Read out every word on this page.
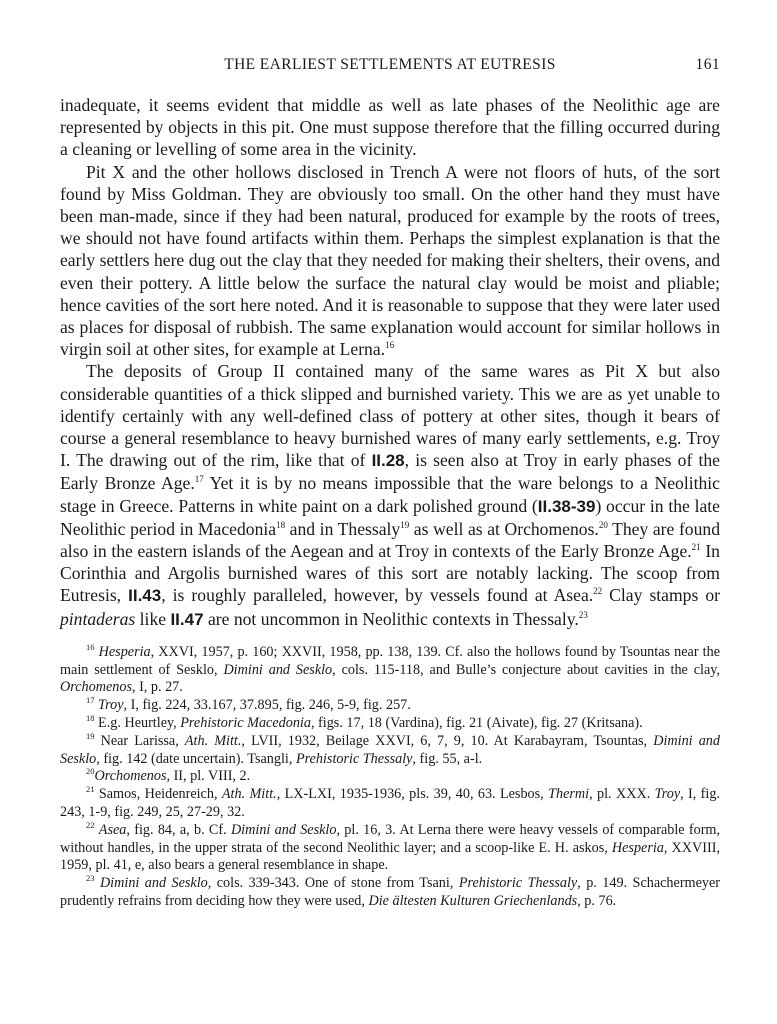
THE EARLIEST SETTLEMENTS AT EUTRESIS	161

inadequate, it seems evident that middle as well as late phases of the Neolithic age are represented by objects in this pit. One must suppose therefore that the filling occurred during a cleaning or levelling of some area in the vicinity.

Pit X and the other hollows disclosed in Trench A were not floors of huts, of the sort found by Miss Goldman. They are obviously too small. On the other hand they must have been man-made, since if they had been natural, produced for example by the roots of trees, we should not have found artifacts within them. Perhaps the simplest explanation is that the early settlers here dug out the clay that they needed for making their shelters, their ovens, and even their pottery. A little below the surface the natural clay would be moist and pliable; hence cavities of the sort here noted. And it is reasonable to suppose that they were later used as places for disposal of rubbish. The same explanation would account for similar hollows in virgin soil at other sites, for example at Lerna.$^{16}$

The deposits of Group II contained many of the same wares as Pit X but also considerable quantities of a thick slipped and burnished variety. This we are as yet unable to identify certainly with any well-defined class of pottery at other sites, though it bears of course a general resemblance to heavy burnished wares of many early settlements, e.g. Troy I. The drawing out of the rim, like that of II.28, is seen also at Troy in early phases of the Early Bronze Age.$^{17}$ Yet it is by no means impossible that the ware belongs to a Neolithic stage in Greece. Patterns in white paint on a dark polished ground (II.38-39) occur in the late Neolithic period in Macedonia$^{18}$ and in Thessaly$^{19}$ as well as at Orchomenos.$^{20}$ They are found also in the eastern islands of the Aegean and at Troy in contexts of the Early Bronze Age.$^{21}$ In Corinthia and Argolis burnished wares of this sort are notably lacking. The scoop from Eutresis, II.43, is roughly paralleled, however, by vessels found at Asea.$^{22}$ Clay stamps or pintaderas like II.47 are not uncommon in Neolithic contexts in Thessaly.$^{23}$

$^{16}$ Hesperia, XXVI, 1957, p. 160; XXVII, 1958, pp. 138, 139. Cf. also the hollows found by Tsountas near the main settlement of Sesklo, Dimini and Sesklo, cols. 115-118, and Bulle’s conjecture about cavities in the clay, Orchomenos, I, p. 27.

$^{17}$ Troy, I, fig. 224, 33.167, 37.895, fig. 246, 5-9, fig. 257.

$^{18}$ E.g. Heurtley, Prehistoric Macedonia, figs. 17, 18 (Vardina), fig. 21 (Aivate), fig. 27 (Kritsana).

$^{19}$ Near Larissa, Ath. Mitt., LVII, 1932, Beilage XXVI, 6, 7, 9, 10. At Karabayram, Tsountas, Dimini and Sesklo, fig. 142 (date uncertain). Tsangli, Prehistoric Thessaly, fig. 55, a-l.

$^{20}$Orchomenos, II, pl. VIII, 2.

$^{21}$ Samos, Heidenreich, Ath. Mitt., LX-LXI, 1935-1936, pls. 39, 40, 63. Lesbos, Thermi, pl. XXX. Troy, I, fig. 243, 1-9, fig. 249, 25, 27-29, 32.

$^{22}$ Asea, fig. 84, a, b. Cf. Dimini and Sesklo, pl. 16, 3. At Lerna there were heavy vessels of comparable form, without handles, in the upper strata of the second Neolithic layer; and a scoop-like E. H. askos, Hesperia, XXVIII, 1959, pl. 41, e, also bears a general resemblance in shape.

$^{23}$ Dimini and Sesklo, cols. 339-343. One of stone from Tsani, Prehistoric Thessaly, p. 149. Schachermeyer prudently refrains from deciding how they were used, Die ältesten Kulturen Griechenlands, p. 76.
